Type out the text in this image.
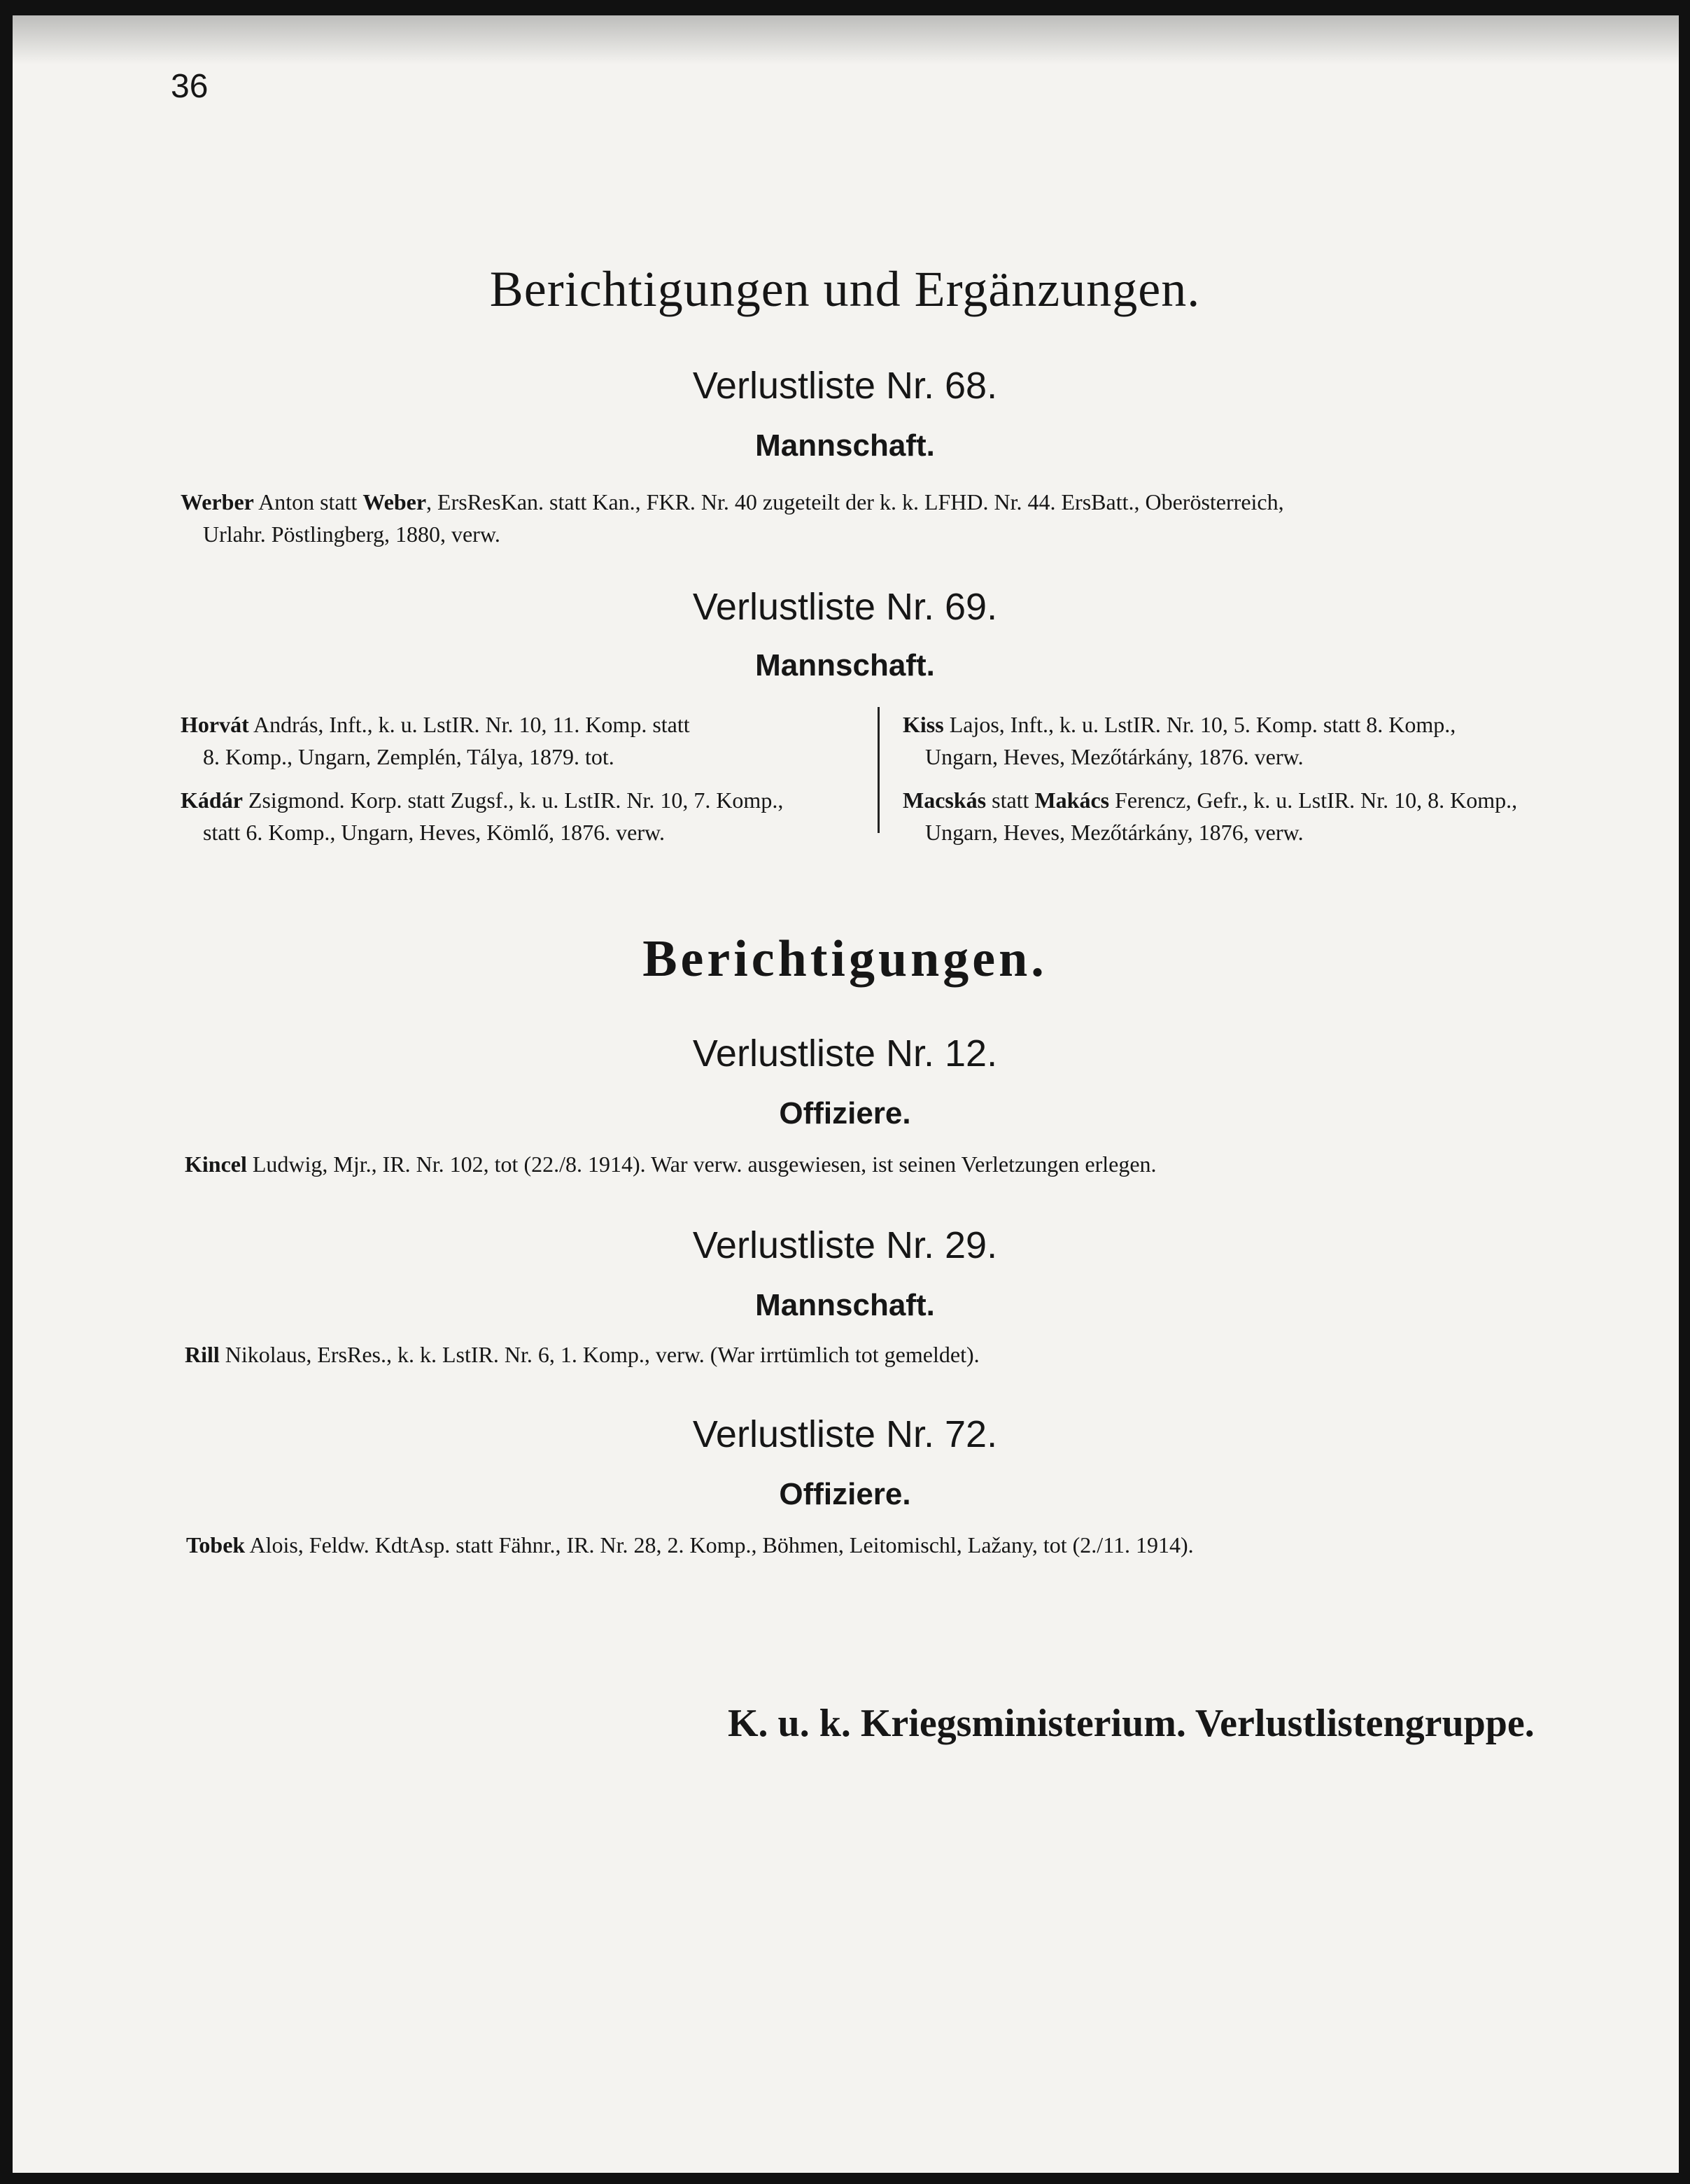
36
Berichtigungen und Ergänzungen.
Verlustliste Nr. 68.
Mannschaft.
Werber Anton statt Weber, ErsResKan. statt Kan., FKR. Nr. 40 zugeteilt der k. k. LFHD. Nr. 44. ErsBatt., Oberösterreich,
Urlahr. Pöstlingberg, 1880, verw.
Verlustliste Nr. 69.
Mannschaft.
Horvát András, Inft., k. u. LstIR. Nr. 10, 11. Komp. statt
8. Komp., Ungarn, Zemplén, Tálya, 1879. tot.
Kádár Zsigmond. Korp. statt Zugsf., k. u. LstIR. Nr. 10, 7. Komp.,
statt 6. Komp., Ungarn, Heves, Kömlő, 1876. verw.
Kiss Lajos, Inft., k. u. LstIR. Nr. 10, 5. Komp. statt 8. Komp.,
Ungarn, Heves, Mezőtárkány, 1876. verw.
Macskás statt Makács Ferencz, Gefr., k. u. LstIR. Nr. 10, 8. Komp.,
Ungarn, Heves, Mezőtárkány, 1876, verw.
Berichtigungen.
Verlustliste Nr. 12.
Offiziere.
Kincel Ludwig, Mjr., IR. Nr. 102, tot (22./8. 1914). War verw. ausgewiesen, ist seinen Verletzungen erlegen.
Verlustliste Nr. 29.
Mannschaft.
Rill Nikolaus, ErsRes., k. k. LstIR. Nr. 6, 1. Komp., verw. (War irrtümlich tot gemeldet).
Verlustliste Nr. 72.
Offiziere.
Tobek Alois, Feldw. KdtAsp. statt Fähnr., IR. Nr. 28, 2. Komp., Böhmen, Leitomischl, Lažany, tot (2./11. 1914).
K. u. k. Kriegsministerium. Verlustlistengruppe.
